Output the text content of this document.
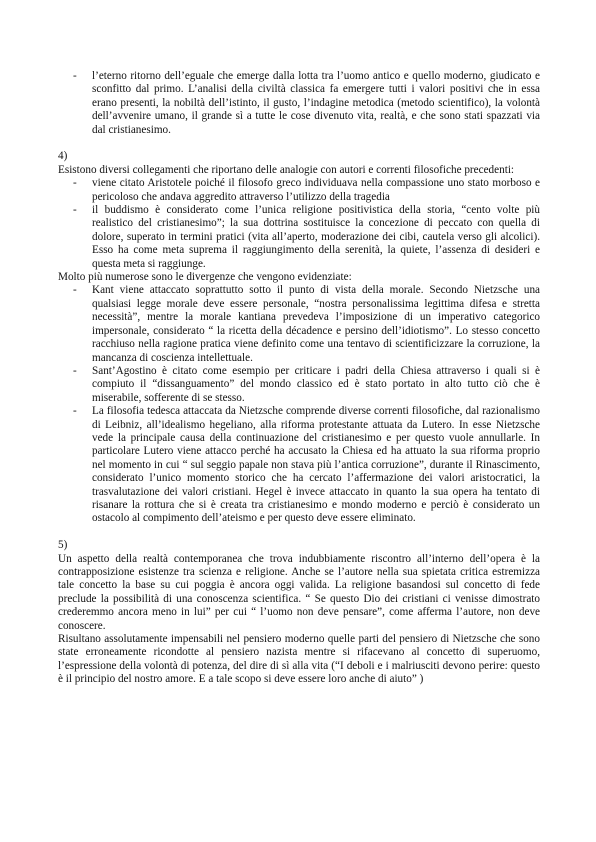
- l’eterno ritorno dell’eguale che emerge dalla lotta tra l’uomo antico e quello moderno, giudicato e sconfitto dal primo. L’analisi della civiltà classica fa emergere tutti i valori positivi che in essa erano presenti, la nobiltà dell’istinto, il gusto, l’indagine metodica (metodo scientifico), la volontà dell’avvenire umano, il grande sì a tutte le cose divenuto vita, realtà, e che sono stati spazzati via dal cristianesimo.

4)

Esistono diversi collegamenti che riportano delle analogie con autori e correnti filosofiche precedenti:

- viene citato Aristotele poiché il filosofo greco individuava nella compassione uno stato morboso e pericoloso che andava aggredito attraverso l’utilizzo della tragedia
- il buddismo è considerato come l’unica religione positivistica della storia, “cento volte più realistico del cristianesimo”; la sua dottrina sostituisce la concezione di peccato con quella di dolore, superato in termini pratici (vita all’aperto, moderazione dei cibi, cautela verso gli alcolici). Esso ha come meta suprema il raggiungimento della serenità, la quiete, l’assenza di desideri e questa meta si raggiunge.

Molto più numerose sono le divergenze che vengono evidenziate:

- Kant viene attaccato soprattutto sotto il punto di vista della morale. Secondo Nietzsche una qualsiasi legge morale deve essere personale, “nostra personalissima legittima difesa e stretta necessità”, mentre la morale kantiana prevedeva l’imposizione di un imperativo categorico impersonale, considerato “ la ricetta della décadence e persino dell’idiotismo”. Lo stesso concetto racchiuso nella ragione pratica viene definito come una tentavo di scientificizzare la corruzione, la mancanza di coscienza intellettuale.
- Sant’Agostino è citato come esempio per criticare i padri della Chiesa attraverso i quali si è compiuto il “dissanguamento” del mondo classico ed è stato portato in alto tutto ciò che è miserabile, sofferente di se stesso.
- La filosofia tedesca attaccata da Nietzsche comprende diverse correnti filosofiche, dal razionalismo di Leibniz, all’idealismo hegeliano, alla riforma protestante attuata da Lutero. In esse Nietzsche vede la principale causa della continuazione del cristianesimo e per questo vuole annullarle. In particolare Lutero viene attacco perché ha accusato la Chiesa ed ha attuato la sua riforma proprio nel momento in cui “ sul seggio papale non stava più l’antica corruzione”, durante il Rinascimento, considerato l’unico momento storico che ha cercato l’affermazione dei valori aristocratici, la trasvalutazione dei valori cristiani. Hegel è invece attaccato in quanto la sua opera ha tentato di risanare la rottura che si è creata tra cristianesimo e mondo moderno e perciò è considerato un ostacolo al compimento dell’ateismo e per questo deve essere eliminato.

5)

Un aspetto della realtà contemporanea che trova indubbiamente riscontro all’interno dell’opera è la contrapposizione esistenze tra scienza e religione. Anche se l’autore nella sua spietata critica estremizza tale concetto la base su cui poggia è ancora oggi valida. La religione basandosi sul concetto di fede preclude la possibilità di una conoscenza scientifica. “ Se questo Dio dei cristiani ci venisse dimostrato crederemmo ancora meno in lui” per cui “ l’uomo non deve pensare”, come afferma l’autore, non deve conoscere.

Risultano assolutamente impensabili nel pensiero moderno quelle parti del pensiero di Nietzsche che sono state erroneamente ricondotte al pensiero nazista mentre si rifacevano al concetto di superuomo, l’espressione della volontà di potenza, del dire di sì alla vita (“I deboli e i malriusciti devono perire: questo è il principio del nostro amore. E a tale scopo si deve essere loro anche di aiuto” )
